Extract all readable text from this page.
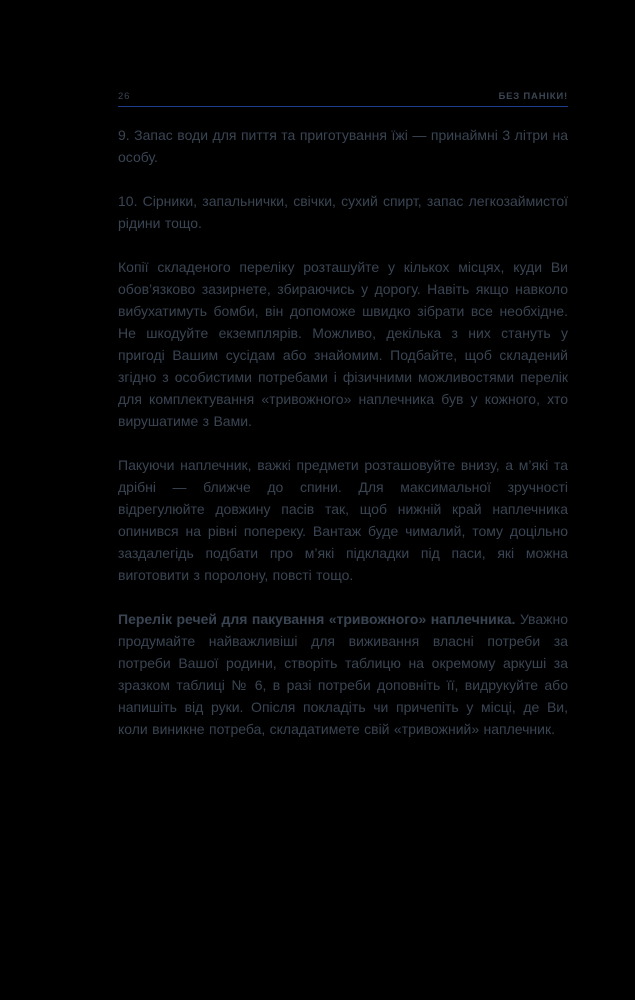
26	БЕЗ ПАНІКИ!

9. Запас води для пиття та приготування їжі — принаймні 3 літри на особу.

10. Сірники, запальнички, свічки, сухий спирт, запас легкозаймистої рідини тощо.

Копії складеного переліку розташуйте у кількох місцях, куди Ви обов’язково зазирнете, збираючись у дорогу. Навіть якщо навколо вибухатимуть бомби, він допоможе швидко зібрати все необхідне. Не шкодуйте екземплярів. Можливо, декілька з них стануть у пригоді Вашим сусідам або знайомим. Подбайте, щоб складений згідно з особистими потребами і фізичними можливостями перелік для комплектування «тривожного» наплечника був у кожного, хто вирушатиме з Вами.

Пакуючи наплечник, важкі предмети розташовуйте внизу, а м’які та дрібні — ближче до спини. Для максимальної зручності відрегулюйте довжину пасів так, щоб нижній край наплечника опинився на рівні попереку. Вантаж буде чималий, тому доцільно заздалегідь подбати про м’які підкладки під паси, які можна виготовити з поролону, повсті тощо.

Перелік речей для пакування «тривожного» наплечника. Уважно продумайте найважливіші для виживання власні потреби за потреби Вашої родини, створіть таблицю на окремому аркуші за зразком таблиці № 6, в разі потреби доповніть її, видрукуйте або напишіть від руки. Опісля покладіть чи причепіть у місці, де Ви, коли виникне потреба, складатимете свій «тривожний» наплечник.
